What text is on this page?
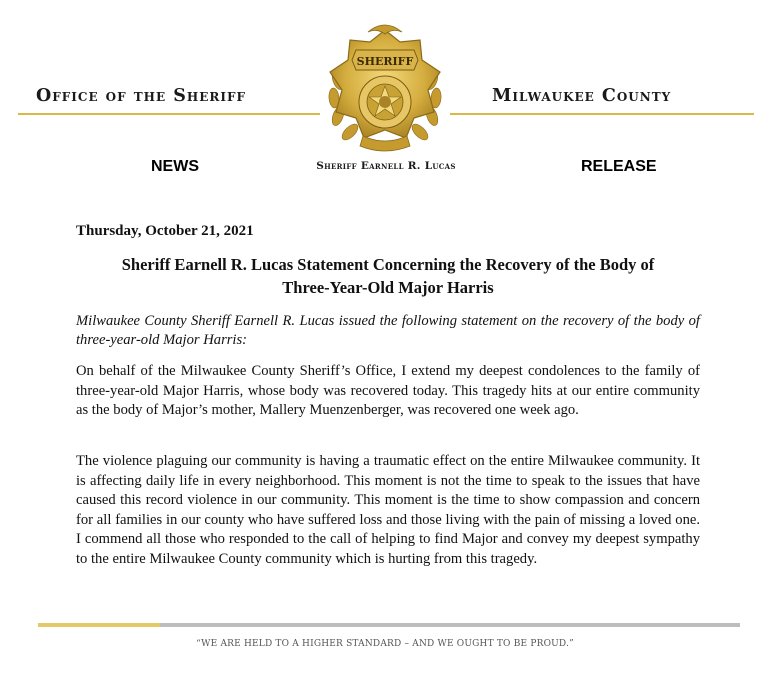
Office of the Sheriff
SHERIFF
Milwaukee County
NEWS	Sheriff Earnell R. Lucas	RELEASE
Thursday, October 21, 2021
Sheriff Earnell R. Lucas Statement Concerning the Recovery of the Body of
Three-Year-Old Major Harris
Milwaukee County Sheriff Earnell R. Lucas issued the following statement on the recovery of the body of three-year-old Major Harris:
On behalf of the Milwaukee County Sheriff’s Office, I extend my deepest condolences to the family of three-year-old Major Harris, whose body was recovered today. This tragedy hits at our entire community as the body of Major’s mother, Mallery Muenzenberger, was recovered one week ago.
The violence plaguing our community is having a traumatic effect on the entire Milwaukee community. It is affecting daily life in every neighborhood. This moment is not the time to speak to the issues that have caused this record violence in our community. This moment is the time to show compassion and concern for all families in our county who have suffered loss and those living with the pain of missing a loved one. I commend all those who responded to the call of helping to find Major and convey my deepest sympathy to the entire Milwaukee County community which is hurting from this tragedy.
“WE ARE HELD TO A HIGHER STANDARD – AND WE OUGHT TO BE PROUD.”
